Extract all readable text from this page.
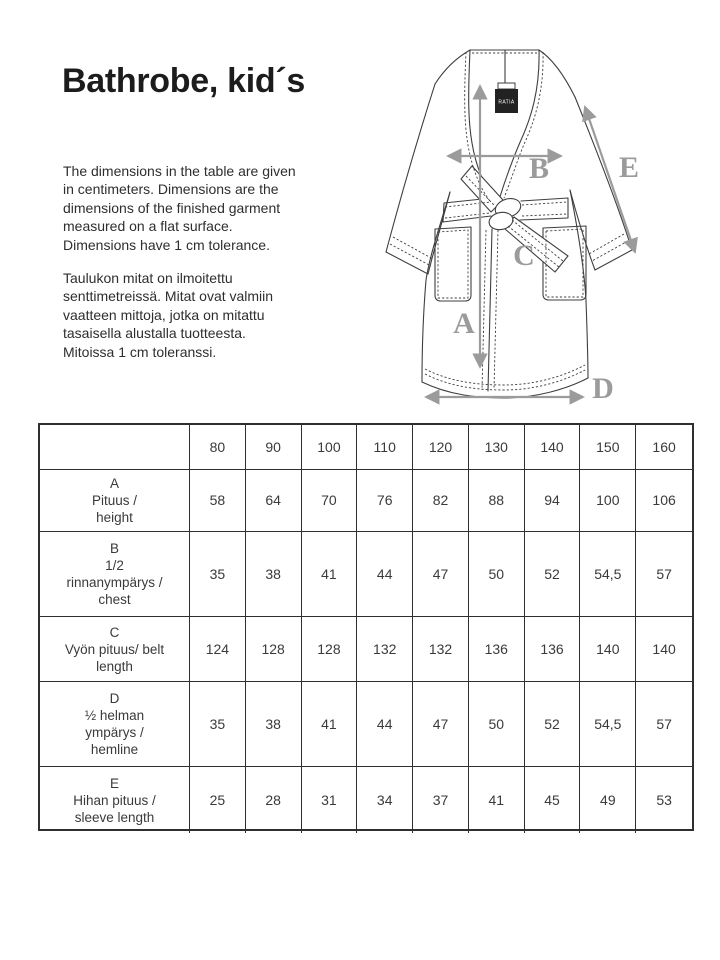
Bathrobe, kid´s
The dimensions in the table are given
in centimeters. Dimensions are the
dimensions of the finished garment
measured on a flat surface.
Dimensions have 1 cm tolerance.
Taulukon mitat on ilmoitettu
senttimetreissä. Mitat ovat valmiin
vaatteen mittoja, jotka on mitattu
tasaisella alustalla tuotteesta.
Mitoissa 1 cm toleranssi.
RATIA
A
B
C
D
E
80	90	100	110	120	130	140	150	160
A
Pituus /
height
58	64	70	76	82	88	94	100	106
B
1/2
rinnanympärys /
chest
35	38	41	44	47	50	52	54,5	57
C
Vyön pituus/ belt
length
124	128	128	132	132	136	136	140	140
D
½ helman
ympärys /
hemline
35	38	41	44	47	50	52	54,5	57
E
Hihan pituus /
sleeve length
25	28	31	34	37	41	45	49	53
